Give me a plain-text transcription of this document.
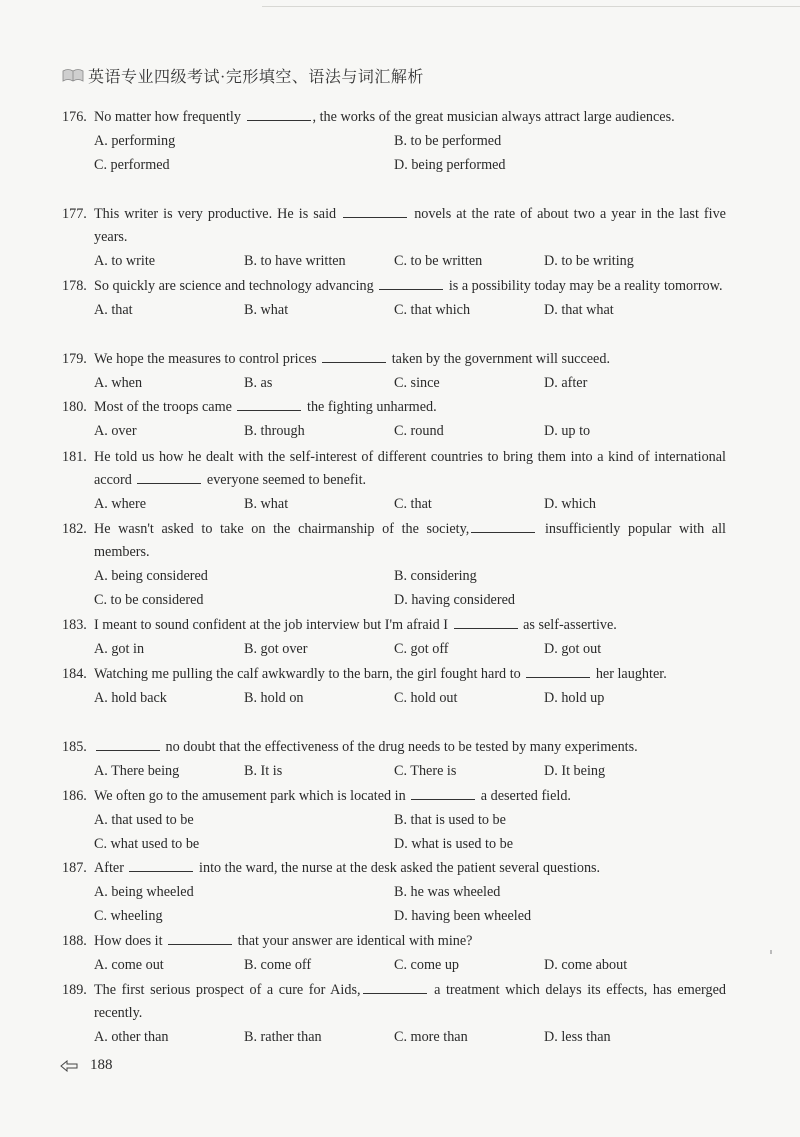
英语专业四级考试·完形填空、语法与词汇解析
176. No matter how frequently	, the works of the great musician always attract large audiences.
A. performing	B. to be performed
C. performed	D. being performed
177. This writer is very productive. He is said	novels at the rate of about two a year in the last five years.
A. to write	B. to have written	C. to be written	D. to be writing
178. So quickly are science and technology advancing	is a possibility today may be a reality tomorrow.
A. that	B. what	C. that which	D. that what
179. We hope the measures to control prices	taken by the government will succeed.
A. when	B. as	C. since	D. after
180. Most of the troops came	the fighting unharmed.
A. over	B. through	C. round	D. up to
181. He told us how he dealt with the self-interest of different countries to bring them into a kind of international accord	everyone seemed to benefit.
A. where	B. what	C. that	D. which
182. He wasn't asked to take on the chairmanship of the society,	insufficiently popular with all members.
A. being considered	B. considering
C. to be considered	D. having considered
183. I meant to sound confident at the job interview but I'm afraid I	as self-assertive.
A. got in	B. got over	C. got off	D. got out
184. Watching me pulling the calf awkwardly to the barn, the girl fought hard to	her laughter.
A. hold back	B. hold on	C. hold out	D. hold up
185.	no doubt that the effectiveness of the drug needs to be tested by many experiments.
A. There being	B. It is	C. There is	D. It being
186. We often go to the amusement park which is located in	a deserted field.
A. that used to be	B. that is used to be
C. what used to be	D. what is used to be
187. After	into the ward, the nurse at the desk asked the patient several questions.
A. being wheeled	B. he was wheeled
C. wheeling	D. having been wheeled
188. How does it	that your answer are identical with mine?
A. come out	B. come off	C. come up	D. come about
189. The first serious prospect of a cure for Aids,	a treatment which delays its effects, has emerged recently.
A. other than	B. rather than	C. more than	D. less than
188
